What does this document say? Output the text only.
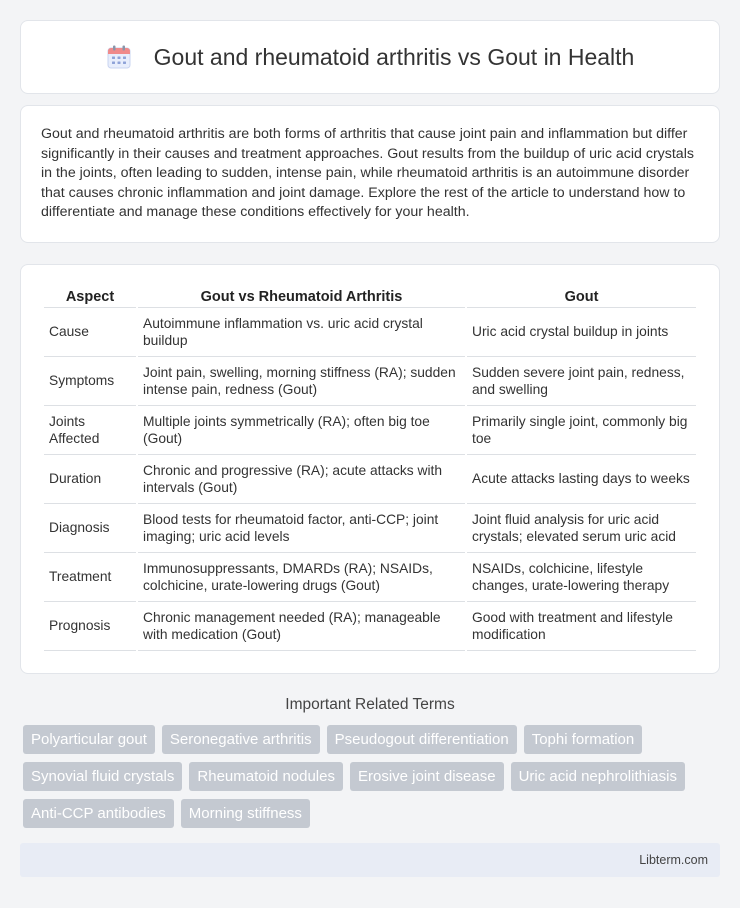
Gout and rheumatoid arthritis vs Gout in Health

Gout and rheumatoid arthritis are both forms of arthritis that cause joint pain and inflammation but differ significantly in their causes and treatment approaches. Gout results from the buildup of uric acid crystals in the joints, often leading to sudden, intense pain, while rheumatoid arthritis is an autoimmune disorder that causes chronic inflammation and joint damage. Explore the rest of the article to understand how to differentiate and manage these conditions effectively for your health.

Aspect	Gout vs Rheumatoid Arthritis	Gout
Cause	Autoimmune inflammation vs. uric acid crystal buildup	Uric acid crystal buildup in joints
Symptoms	Joint pain, swelling, morning stiffness (RA); sudden intense pain, redness (Gout)	Sudden severe joint pain, redness, and swelling
Joints Affected	Multiple joints symmetrically (RA); often big toe (Gout)	Primarily single joint, commonly big toe
Duration	Chronic and progressive (RA); acute attacks with intervals (Gout)	Acute attacks lasting days to weeks
Diagnosis	Blood tests for rheumatoid factor, anti-CCP; joint imaging; uric acid levels	Joint fluid analysis for uric acid crystals; elevated serum uric acid
Treatment	Immunosuppressants, DMARDs (RA); NSAIDs, colchicine, urate-lowering drugs (Gout)	NSAIDs, colchicine, lifestyle changes, urate-lowering therapy
Prognosis	Chronic management needed (RA); manageable with medication (Gout)	Good with treatment and lifestyle modification
Important Related Terms
Polyarticular gout	Seronegative arthritis	Pseudogout differentiation	Tophi formation
Synovial fluid crystals	Rheumatoid nodules	Erosive joint disease	Uric acid nephrolithiasis
Anti-CCP antibodies	Morning stiffness
Libterm.com
